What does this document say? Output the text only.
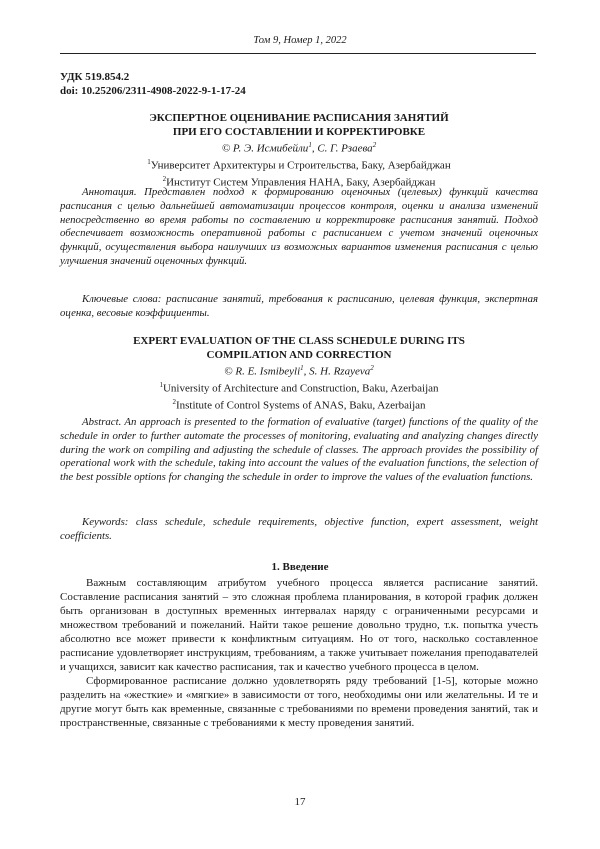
Том 9, Номер 1, 2022
УДК 519.854.2
doi: 10.25206/2311-4908-2022-9-1-17-24
ЭКСПЕРТНОЕ ОЦЕНИВАНИЕ РАСПИСАНИЯ ЗАНЯТИЙ
ПРИ ЕГО СОСТАВЛЕНИИ И КОРРЕКТИРОВКЕ
© Р. Э. Исмибейли$^1$, С. Г. Рзаева$^2$
$^1$Университет Архитектуры и Строительства, Баку, Азербайджан
$^2$Институт Систем Управления НАНА, Баку, Азербайджан
Аннотация. Представлен подход к формированию оценочных (целевых) функций качества расписания с целью дальнейшей автоматизации процессов контроля, оценки и анализа изменений непосредственно во время работы по составлению и корректировке расписания занятий. Подход обеспечивает возможность оперативной работы с расписанием с учетом значений оценочных функций, осуществления выбора наилучших из возможных вариантов изменения расписания с целью улучшения значений оценочных функций.
Ключевые слова: расписание занятий, требования к расписанию, целевая функция, экспертная оценка, весовые коэффициенты.
EXPERT EVALUATION OF THE CLASS SCHEDULE DURING ITS
COMPILATION AND CORRECTION
© R. E. Ismibeyli$^1$, S. H. Rzayeva$^2$
$^1$University of Architecture and Construction, Baku, Azerbaijan
$^2$Institute of Control Systems of ANAS, Baku, Azerbaijan
Abstract. An approach is presented to the formation of evaluative (target) functions of the quality of the schedule in order to further automate the processes of monitoring, evaluating and analyzing changes directly during the work on compiling and adjusting the schedule of classes. The approach provides the possibility of operational work with the schedule, taking into account the values of the evaluation functions, the selection of the best possible options for changing the schedule in order to improve the values of the evaluation functions.
Keywords: class schedule, schedule requirements, objective function, expert assessment, weight coefficients.
1. Введение

Важным составляющим атрибутом учебного процесса является расписание занятий. Составление расписания занятий – это сложная проблема планирования, в которой график должен быть организован в доступных временных интервалах наряду с ограниченными ресурсами и множеством требований и пожеланий. Найти такое решение довольно трудно, т.к. попытка учесть абсолютно все может привести к конфликтным ситуациям. Но от того, насколько составленное расписание удовлетворяет инструкциям, требованиям, а также учитывает пожелания преподавателей и учащихся, зависит как качество расписания, так и качество учебного процесса в целом.

Сформированное расписание должно удовлетворять ряду требований [1-5], которые можно разделить на «жесткие» и «мягкие» в зависимости от того, необходимы они или желательны. И те и другие могут быть как временные, связанные с требованиями по времени проведения занятий, так и пространственные, связанные с требованиями к месту проведения занятий.

17
